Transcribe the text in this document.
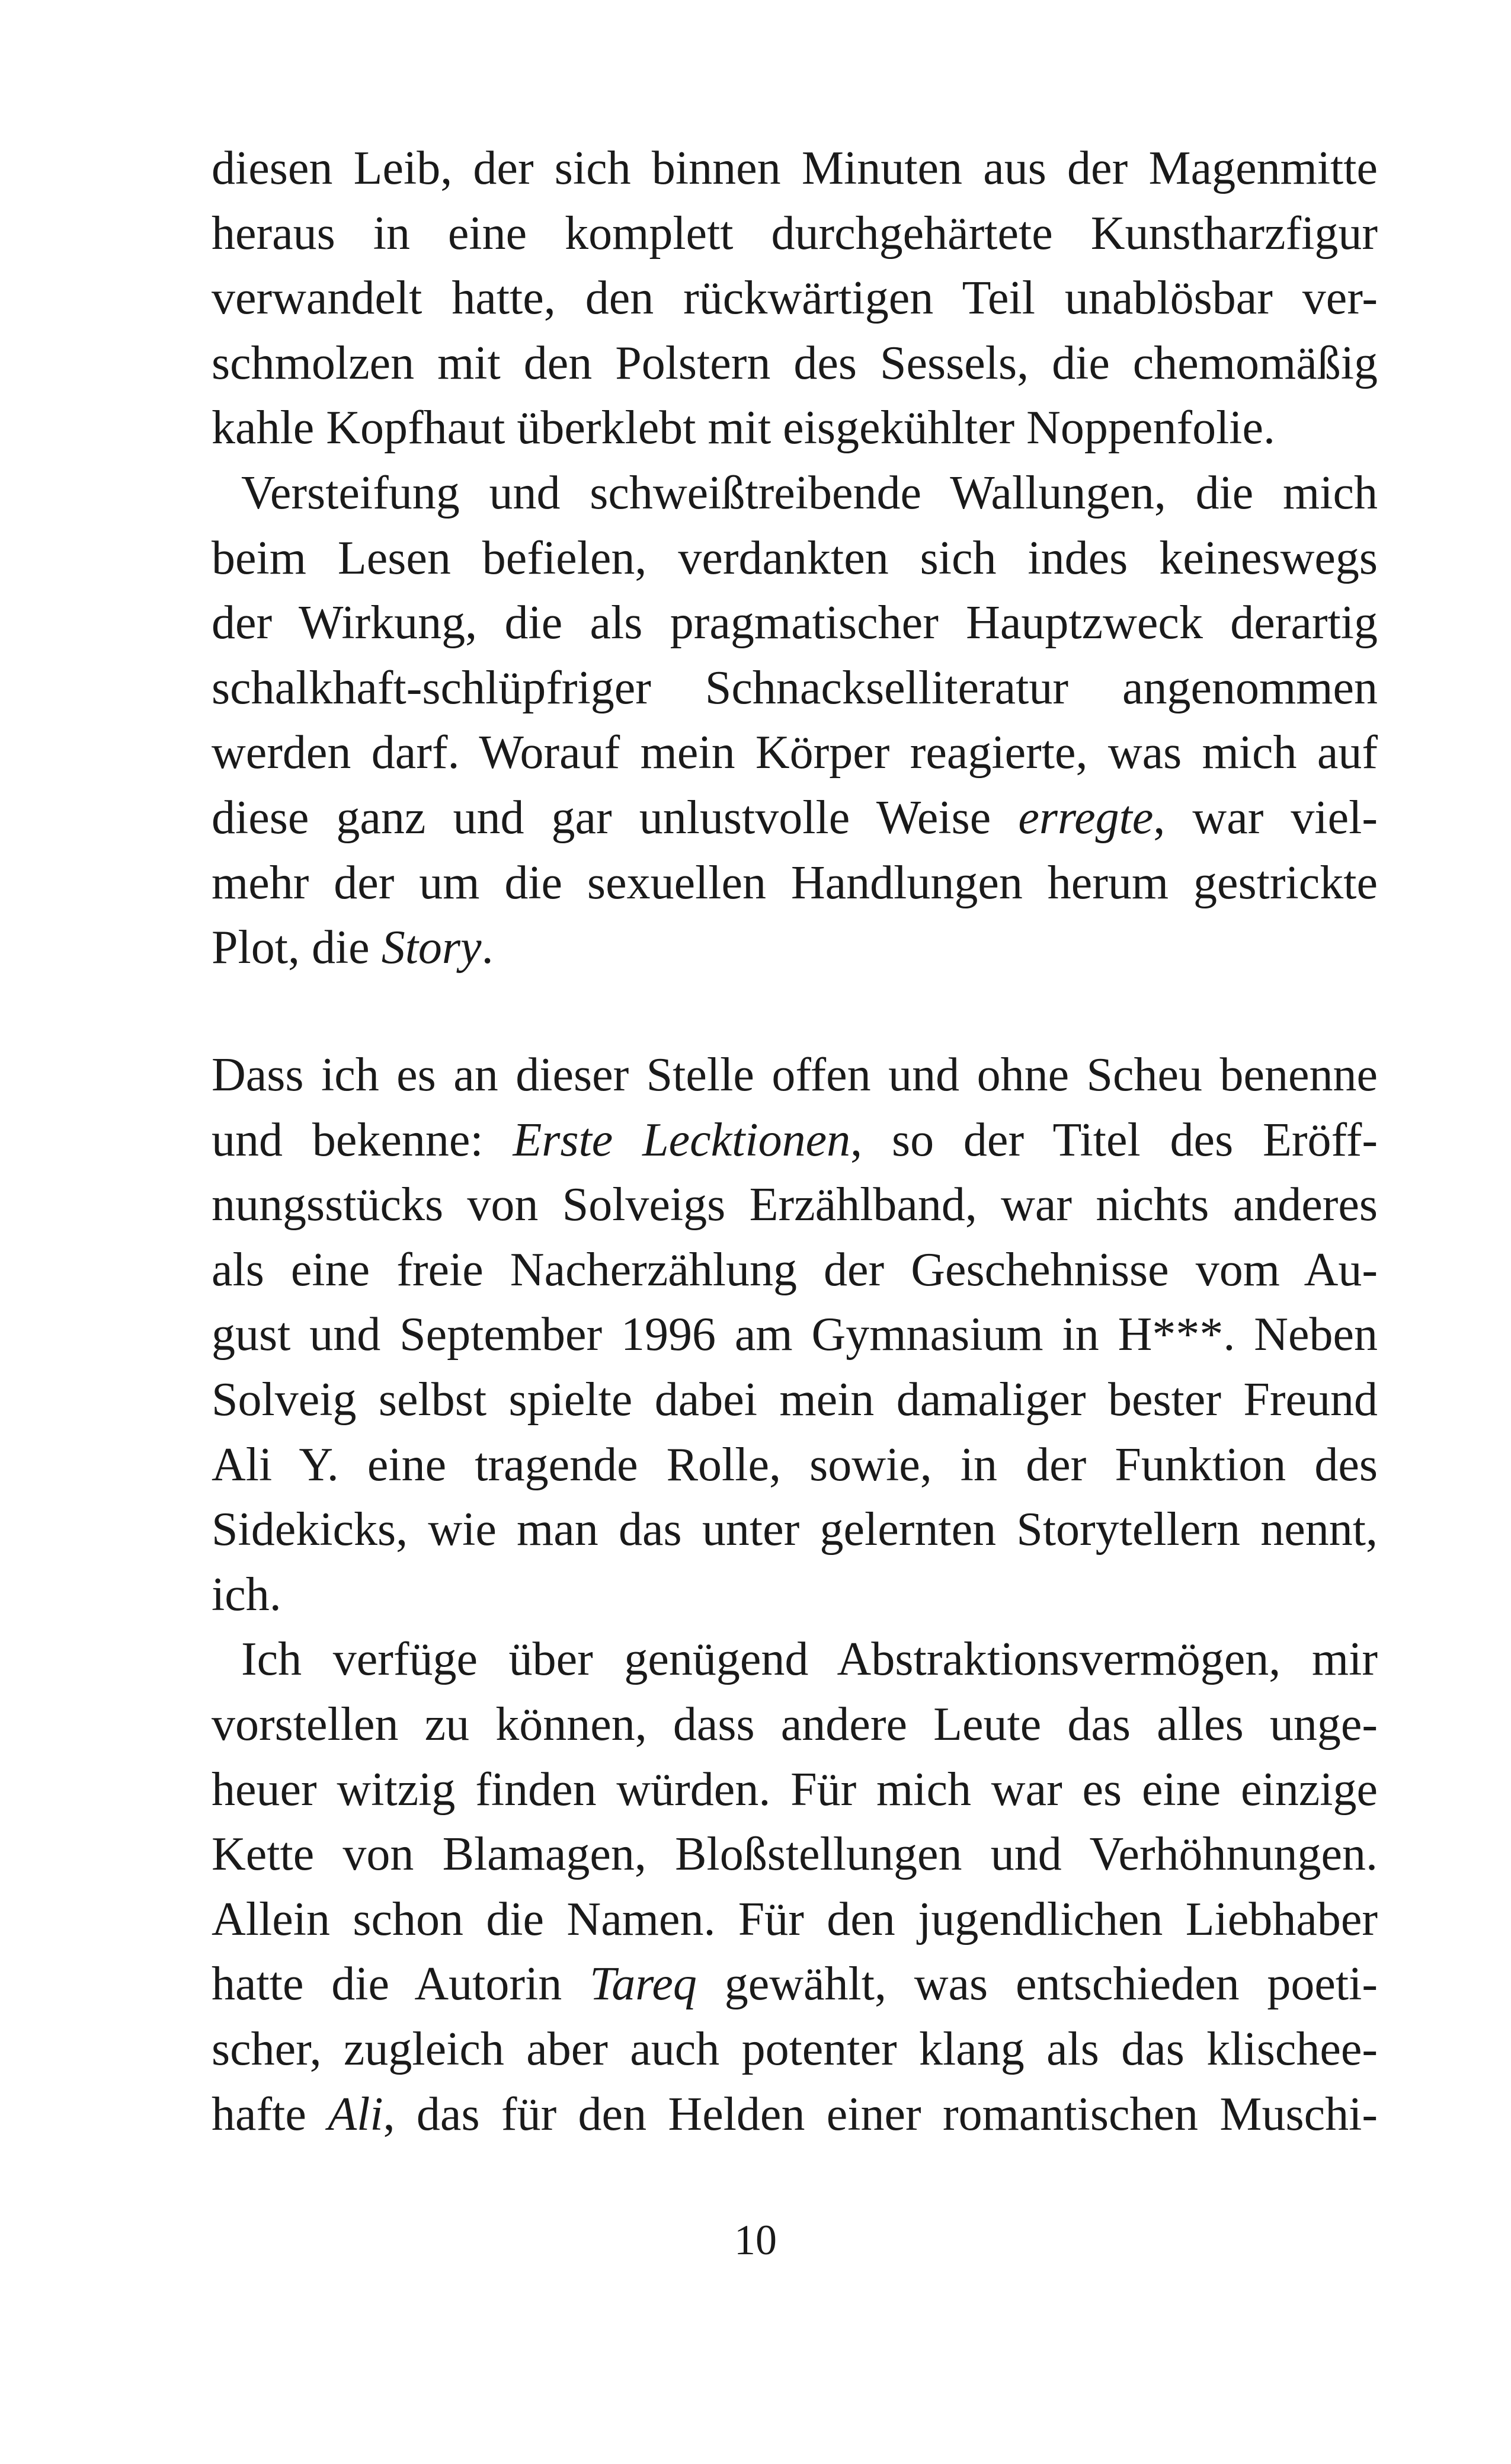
diesen Leib, der sich binnen Minuten aus der Magenmitte
heraus in eine komplett durchgehärtete Kunstharzfigur
verwandelt hatte, den rückwärtigen Teil unablösbar ver-
schmolzen mit den Polstern des Sessels, die chemomäßig
kahle Kopfhaut überklebt mit eisgekühlter Noppenfolie.
Versteifung und schweißtreibende Wallungen, die mich
beim Lesen befielen, verdankten sich indes keineswegs
der Wirkung, die als pragmatischer Hauptzweck derartig
schalkhaft-schlüpfriger Schnackselliteratur angenommen
werden darf. Worauf mein Körper reagierte, was mich auf
diese ganz und gar unlustvolle Weise erregte, war viel-
mehr der um die sexuellen Handlungen herum gestrickte
Plot, die Story.
Dass ich es an dieser Stelle offen und ohne Scheu benenne
und bekenne: Erste Lecktionen, so der Titel des Eröff-
nungsstücks von Solveigs Erzählband, war nichts anderes
als eine freie Nacherzählung der Geschehnisse vom Au-
gust und September 1996 am Gymnasium in H***. Neben
Solveig selbst spielte dabei mein damaliger bester Freund
Ali Y. eine tragende Rolle, sowie, in der Funktion des
Sidekicks, wie man das unter gelernten Storytellern nennt,
ich.
Ich verfüge über genügend Abstraktionsvermögen, mir
vorstellen zu können, dass andere Leute das alles unge-
heuer witzig finden würden. Für mich war es eine einzige
Kette von Blamagen, Bloßstellungen und Verhöhnungen.
Allein schon die Namen. Für den jugendlichen Liebhaber
hatte die Autorin Tareq gewählt, was entschieden poeti-
scher, zugleich aber auch potenter klang als das klischee-
hafte Ali, das für den Helden einer romantischen Muschi-
10
